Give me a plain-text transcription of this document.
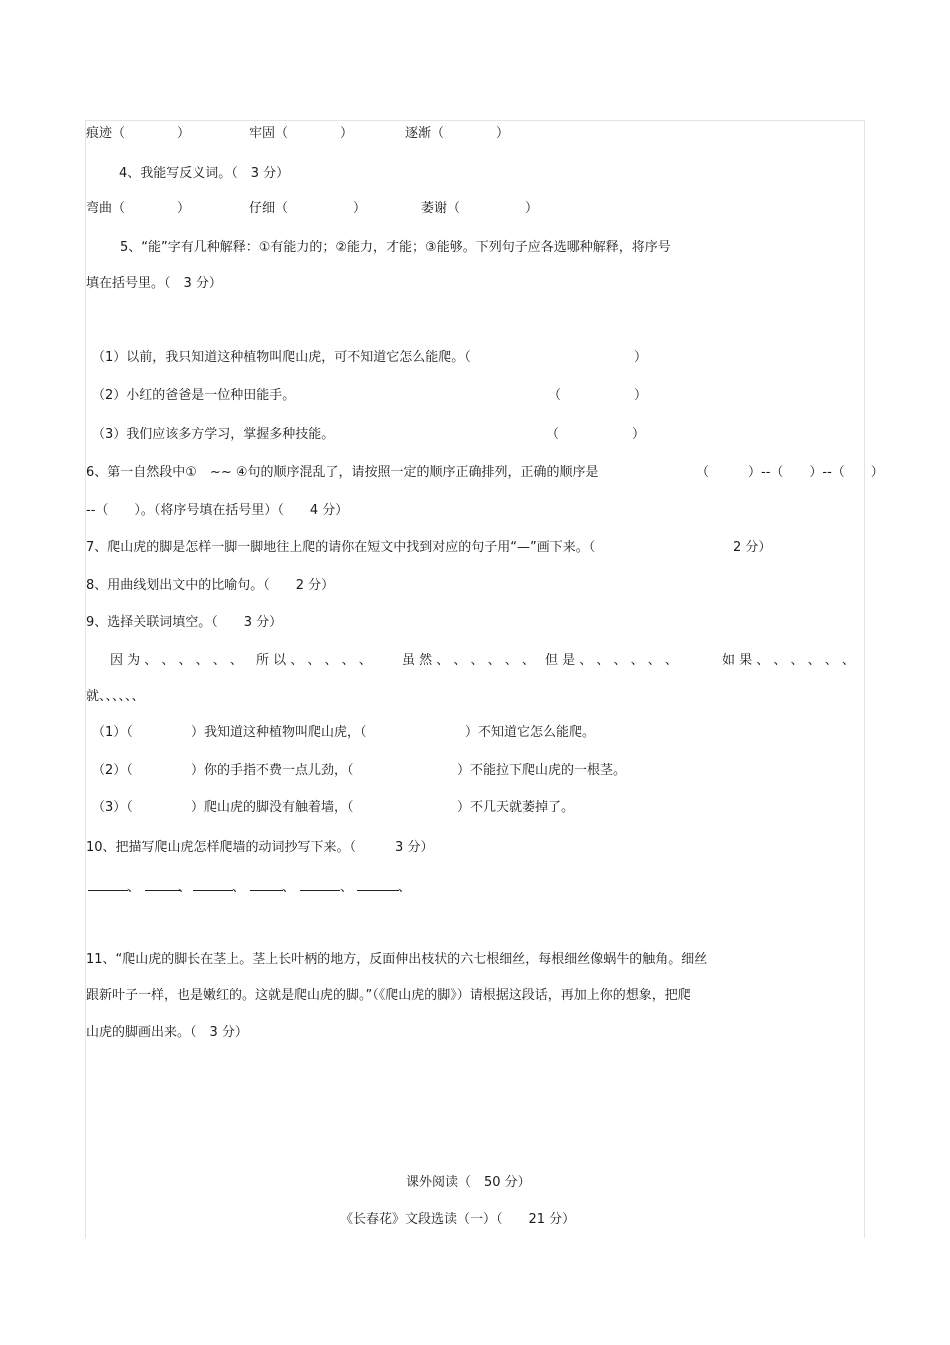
痕迹（　　　　）	牢固（　　　　）	逐渐（　　　　）
4、我能写反义词。（　3 分）
弯曲（　　　　）	仔细（　　　　　）	萎谢（　　　　　）
5、“能”字有几种解释：①有能力的；②能力，才能；③能够。下列句子应各选哪种解释，将序号
填在括号里。（　3 分）
（1）以前，我只知道这种植物叫爬山虎，可不知道它怎么能爬。（	）
（2）小红的爸爸是一位种田能手。	（	）
（3）我们应该多方学习，掌握多种技能。	（	）
6、第一自然段中①　~~ ④句的顺序混乱了，请按照一定的顺序正确排列，正确的顺序是	（　　　）--（　　）--（　　）
--（　　）。（将序号填在括号里）（　　4 分）
7、爬山虎的脚是怎样一脚一脚地往上爬的请你在短文中找到对应的句子用“—”画下来。（	2 分）
8、用曲线划出文中的比喻句。（　　2 分）
9、选择关联词填空。（　　3 分）
因 为 、 、 、 、 、 、 所 以 、 、 、 、 、 虽 然 、 、 、 、 、 、 但 是 、 、 、 、 、 、	如 果 、 、 、 、 、 、
就、、、、、、
（1）（	）我知道这种植物叫爬山虎，（	）不知道它怎么能爬。
（2）（	）你的手指不费一点儿劲，（	）不能拉下爬山虎的一根茎。
（3）（	）爬山虎的脚没有触着墙，（	）不几天就萎掉了。
10、把描写爬山虎怎样爬墙的动词抄写下来。（　　　3 分）
、	、	、	、	、	、
11、“爬山虎的脚长在茎上。茎上长叶柄的地方，反面伸出枝状的六七根细丝，每根细丝像蜗牛的触角。细丝
跟新叶子一样，也是嫩红的。这就是爬山虎的脚。”（《爬山虎的脚》）请根据这段话，再加上你的想象，把爬
山虎的脚画出来。（　3 分）
课外阅读（　50 分）
《长春花》文段选读（一）（　　21 分）
